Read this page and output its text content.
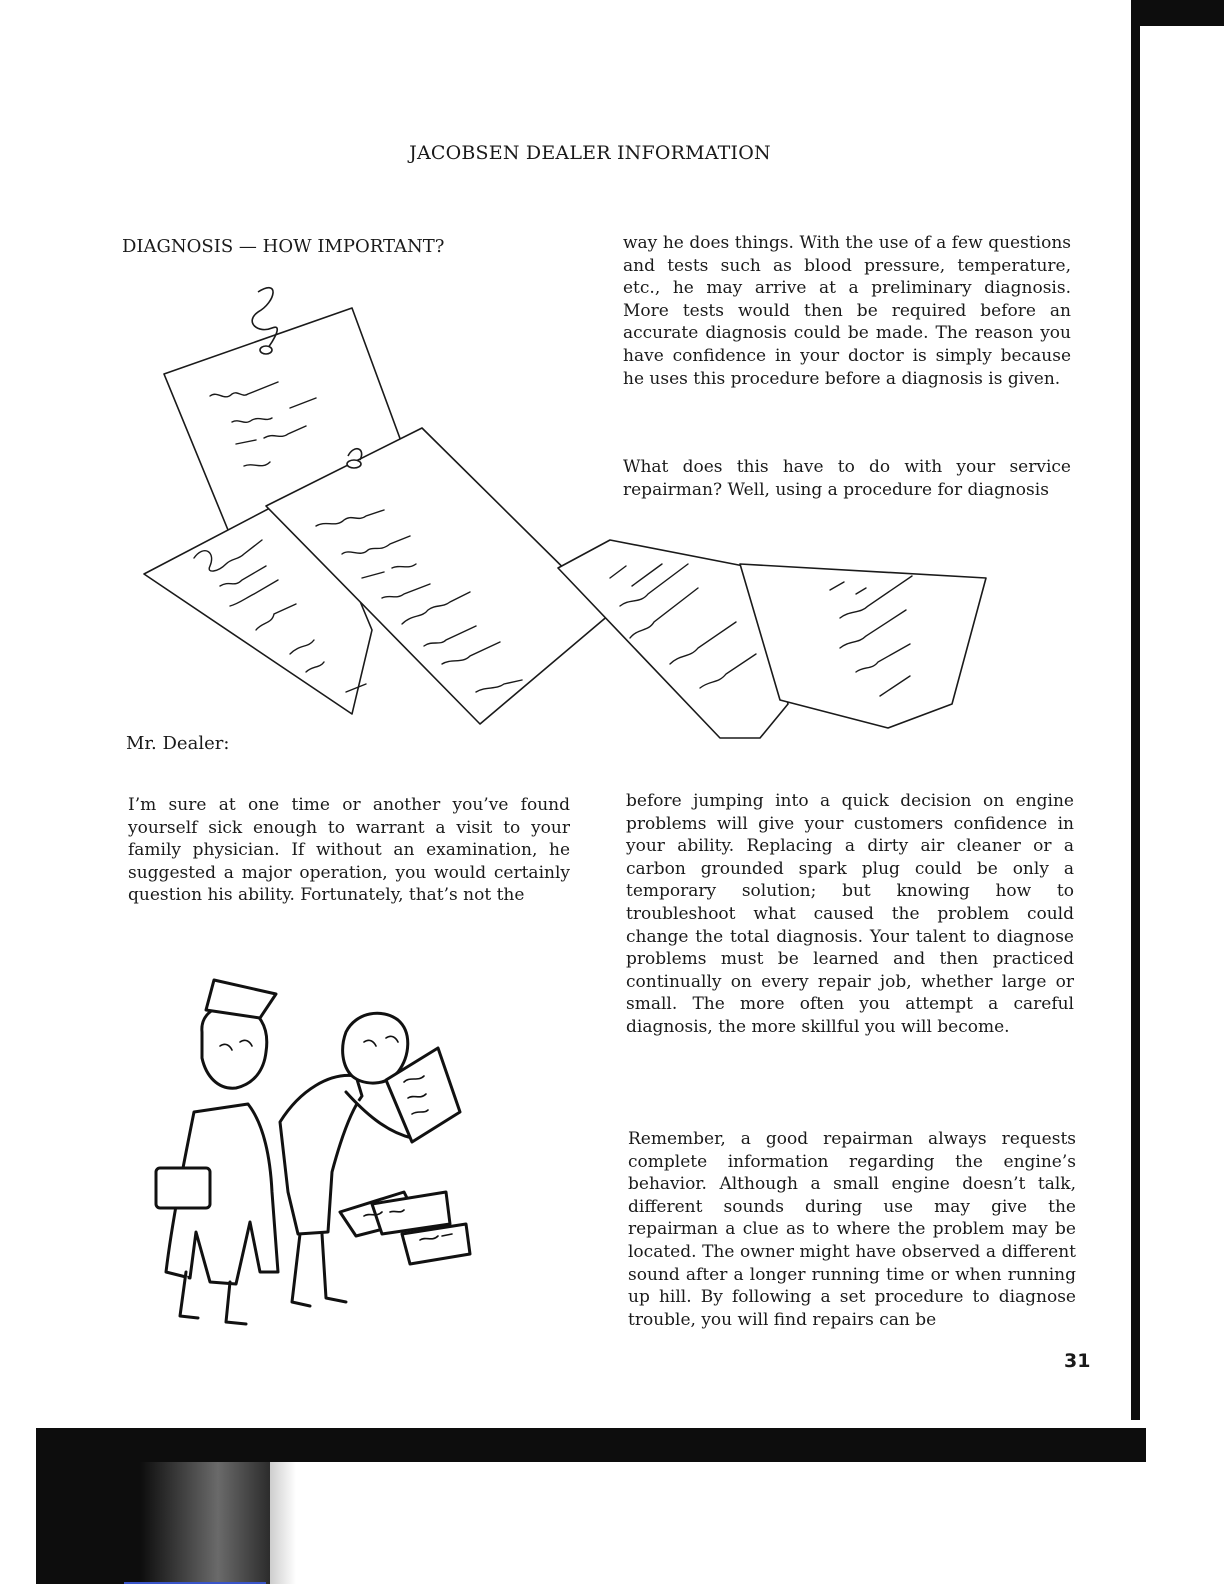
JACOBSEN DEALER INFORMATION
DIAGNOSIS — HOW IMPORTANT?	way he does things. With the use of a few questions and tests such as blood pressure, temperature, etc., he may arrive at a preliminary diagnosis. More tests would then be required before an accurate diagnosis could be made. The reason you have confidence in your doctor is simply because he uses this procedure before a diagnosis is given.
What does this have to do with your service repairman? Well, using a procedure for diagnosis
Mr. Dealer:
I’m sure at one time or another you’ve found yourself sick enough to warrant a visit to your family physician. If without an examination, he suggested a major operation, you would certainly question his ability. Fortunately, that’s not the
before jumping into a quick decision on engine problems will give your customers confidence in your ability. Replacing a dirty air cleaner or a carbon grounded spark plug could be only a temporary solution; but knowing how to troubleshoot what caused the problem could change the total diagnosis. Your talent to diagnose problems must be learned and then practiced continually on every repair job, whether large or small. The more often you attempt a careful diagnosis, the more skillful you will become.
Remember, a good repairman always requests complete information regarding the engine’s behavior. Although a small engine doesn’t talk, different sounds during use may give the repairman a clue as to where the problem may be located. The owner might have observed a different sound after a longer running time or when running up hill. By following a set procedure to diagnose trouble, you will find repairs can be
31
